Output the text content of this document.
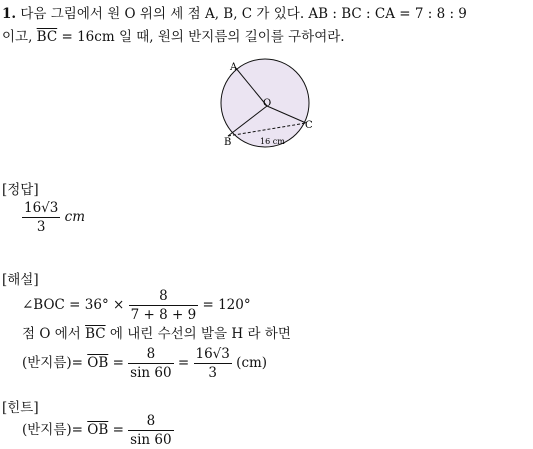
1. 다음 그림에서 원 O 위의 세 점 A, B, C 가 있다. ⌒ AB : ⌒ BC : ⌒ CA = 7 : 8 : 9
이고, $\overline{BC} = 16cm$ 일 때, 원의 반지름의 길이를 구하여라.
A
O
B
C
16 cm
[정답]
$\frac{16√3}{3}$ cm
[해설]
∠BOC = $36^\circ \times \frac{8}{7 + 8 + 9} = 120^\circ$
점 O 에서 $\overline{BC}$ 에 내린 수선의 발을 H 라 하면
(반지름)= $\overline{OB} = \frac{8}{\sin 60} = \frac{16√3}{3} (cm)$
[힌트]
(반지름)= $\overline{OB} = \frac{8}{\sin 60}$
